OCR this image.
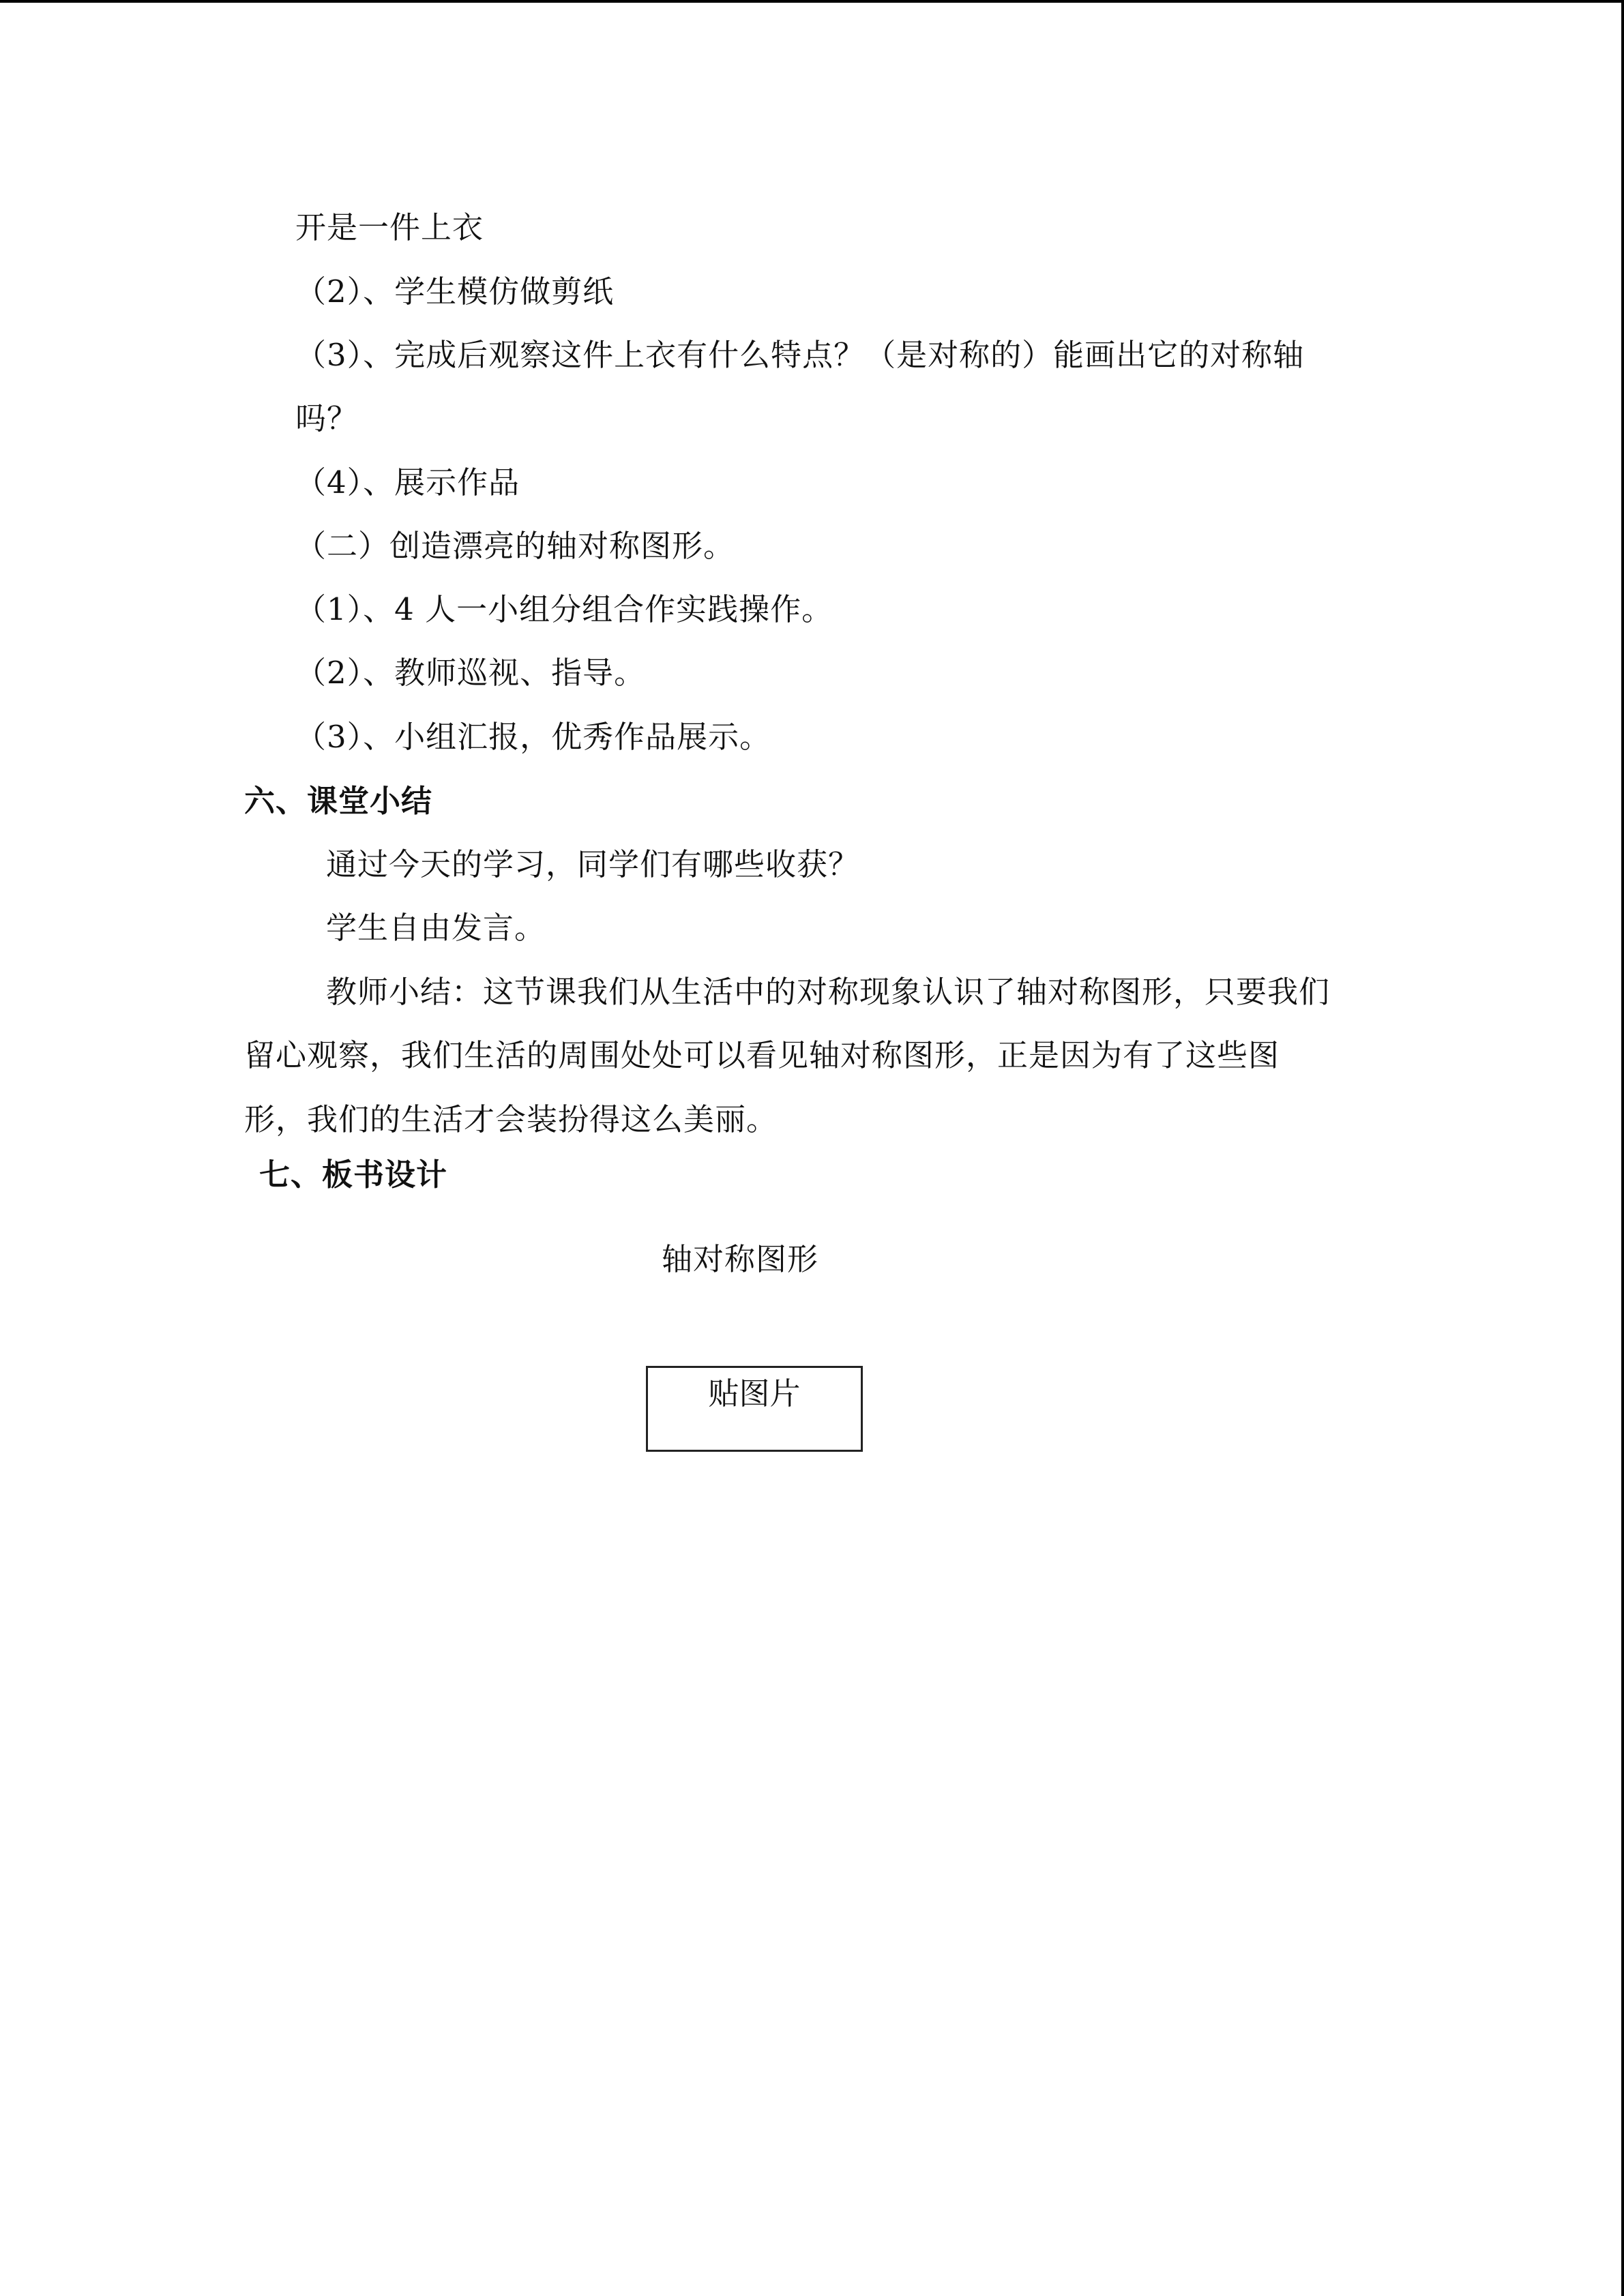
开是一件上衣
（2）、学生模仿做剪纸
（3）、完成后观察这件上衣有什么特点？（是对称的）能画出它的对称轴
吗？
（4）、展示作品
（二）创造漂亮的轴对称图形。
（1）、4 人一小组分组合作实践操作。
（2）、教师巡视、指导。
（3）、小组汇报，优秀作品展示。
六、课堂小结
通过今天的学习，同学们有哪些收获？
学生自由发言。
教师小结：这节课我们从生活中的对称现象认识了轴对称图形，只要我们
留心观察，我们生活的周围处处可以看见轴对称图形，正是因为有了这些图
形，我们的生活才会装扮得这么美丽。
七、板书设计
轴对称图形
贴图片
